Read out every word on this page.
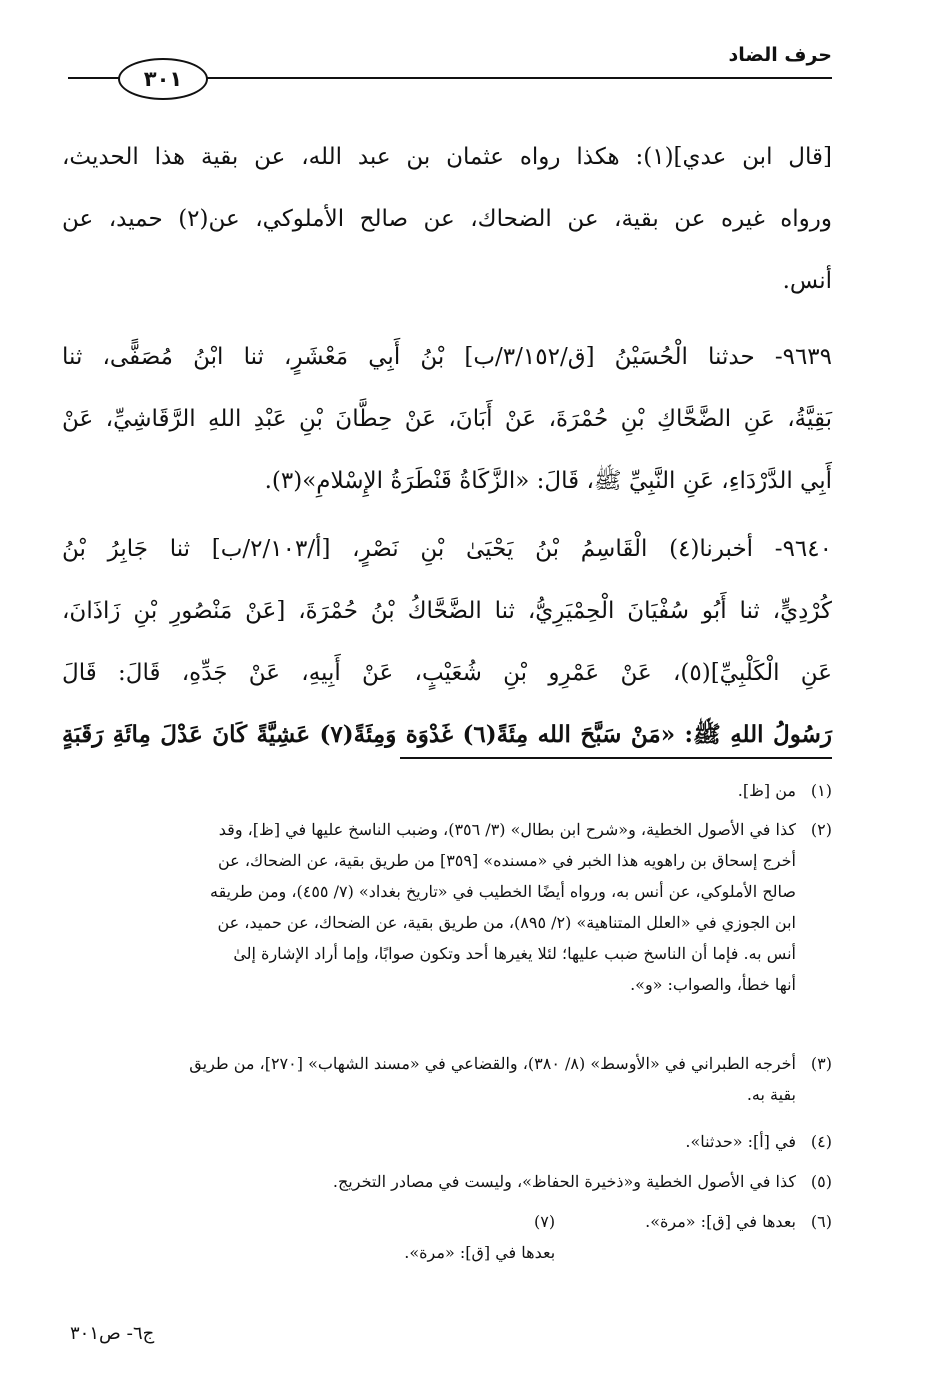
حرف الضاد
٣٠١
[قال ابن عدي](١): هكذا رواه عثمان بن عبد الله، عن بقية هذا الحديث،
ورواه غيره عن بقية، عن الضحاك، عن صالح الأملوكي، عن(٢) حميد، عن
أنس.
٩٦٣٩- حدثنا الْحُسَيْنُ [ق/٣/١٥٢/ب] بْنُ أَبِي مَعْشَرٍ، ثنا ابْنُ مُصَفًّى، ثنا
بَقِيَّةُ، عَنِ الضَّحَّاكِ بْنِ حُمْرَةَ، عَنْ أَبَانَ، عَنْ حِطَّانَ بْنِ عَبْدِ اللهِ الرَّقَاشِيِّ، عَنْ
أَبِي الدَّرْدَاءِ، عَنِ النَّبِيِّ ﷺ، قَالَ: «الزَّكَاةُ قَنْطَرَةُ الإِسْلامِ»(٣).
٩٦٤٠- أخبرنا(٤) الْقَاسِمُ بْنُ يَحْيَىٰ بْنِ نَصْرٍ، [أ/٢/١٠٣/ب] ثنا جَابِرُ بْنُ
كُرْدِيٍّ، ثنا أَبُو سُفْيَانَ الْحِمْيَرِيُّ، ثنا الضَّحَّاكُ بْنُ حُمْرَةَ، [عَنْ مَنْصُورِ بْنِ زَاذَانَ،
عَنِ الْكَلْبِيِّ](٥)، عَنْ عَمْرِو بْنِ شُعَيْبٍ، عَنْ أَبِيهِ، عَنْ جَدِّهِ، قَالَ: قَالَ
رَسُولُ اللهِ ﷺ: «مَنْ سَبَّحَ الله مِئَةً(٦) غَدْوَة وَمِئَةً(٧) عَشِيَّةً كَانَ عَدْلَ مِائَةِ رَقَبَةٍ
(١)
من [ظ].
(٢)
كذا في الأصول الخطية، و«شرح ابن بطال» (٣/ ٣٥٦)، وضبب الناسخ عليها في [ظ]، وقد
أخرج إسحاق بن راهويه هذا الخبر في «مسنده» [٣٥٩] من طريق بقية، عن الضحاك، عن
صالح الأملوكي، عن أنس به، ورواه أيضًا الخطيب في «تاريخ بغداد» (٧/ ٤٥٥)، ومن طريقه
ابن الجوزي في «العلل المتناهية» (٢/ ٨٩٥)، من طريق بقية، عن الضحاك، عن حميد، عن
أنس به. فإما أن الناسخ ضبب عليها؛ لئلا يغيرها أحد وتكون صوابًا، وإما أراد الإشارة إلىٰ
أنها خطأ، والصواب: «و».
(٣)
أخرجه الطبراني في «الأوسط» (٨/ ٣٨٠)، والقضاعي في «مسند الشهاب» [٢٧٠]، من طريق
بقية به.
(٤)
في [أ]: «حدثنا».
(٥)
كذا في الأصول الخطية و«ذخيرة الحفاظ»، وليست في مصادر التخريج.
(٦)
بعدها في [ق]: «مرة».
(٧)
بعدها في [ق]: «مرة».
ج٦- ص٣٠١
